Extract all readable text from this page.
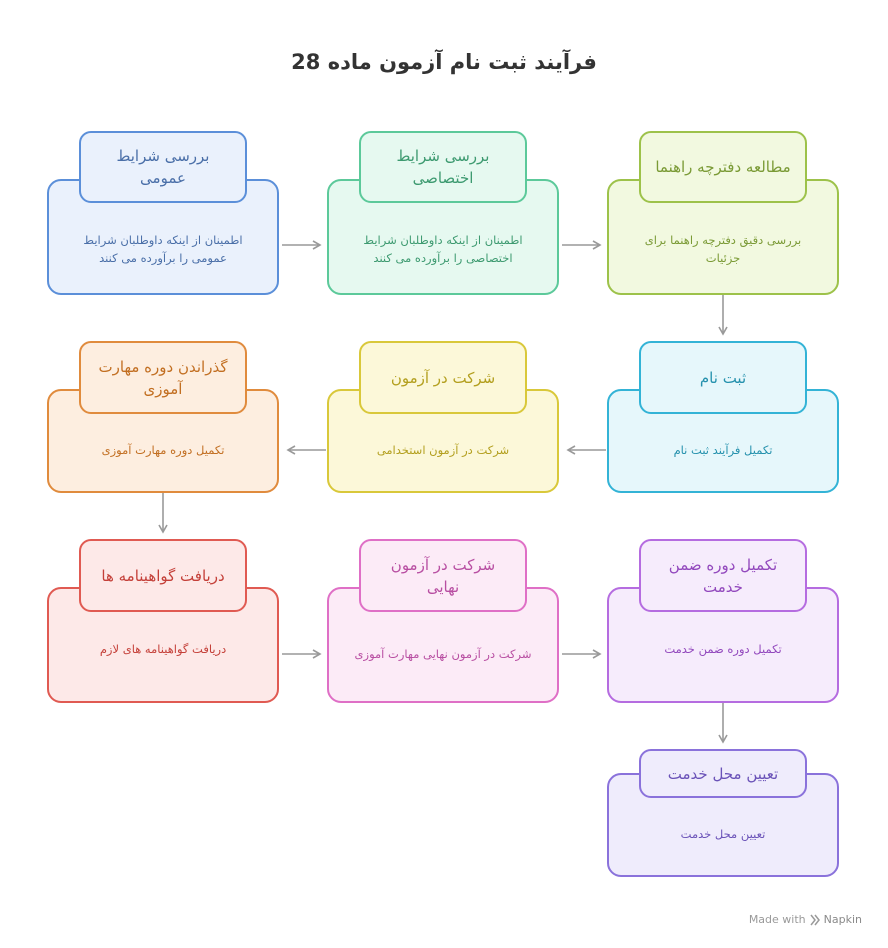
فرآیند ثبت نام آزمون ماده 28
اطمینان از اینکه داوطلبان شرایط عمومی را برآورده می کنند
بررسی شرایط عمومی
اطمینان از اینکه داوطلبان شرایط اختصاصی را برآورده می کنند
بررسی شرایط اختصاصی
بررسی دقیق دفترچه راهنما برای جزئیات
مطالعه دفترچه راهنما
تکمیل فرآیند ثبت نام
ثبت نام
شرکت در آزمون استخدامی
شرکت در آزمون
تکمیل دوره مهارت آموزی
گذراندن دوره مهارت آموزی
دریافت گواهینامه های لازم
دریافت گواهینامه ها
شرکت در آزمون نهایی مهارت آموزی
شرکت در آزمون نهایی
تکمیل دوره ضمن خدمت
تکمیل دوره ضمن خدمت
تعیین محل خدمت
تعیین محل خدمت
Made with Napkin
